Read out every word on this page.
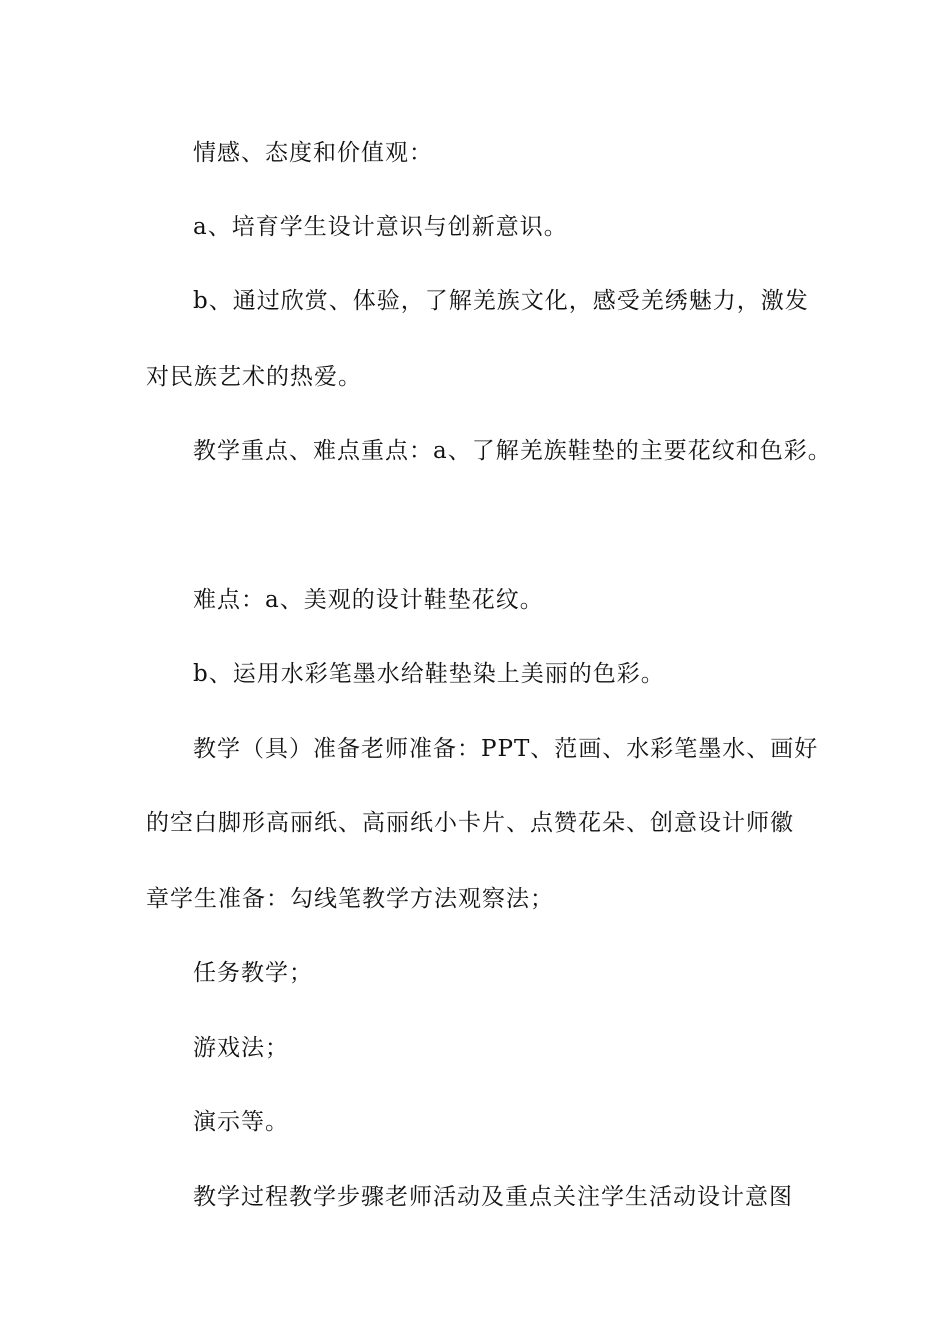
情感、态度和价值观：
a、培育学生设计意识与创新意识。
b、通过欣赏、体验，了解羌族文化，感受羌绣魅力，激发
对民族艺术的热爱。
教学重点、难点重点：a、了解羌族鞋垫的主要花纹和色彩。
难点：a、美观的设计鞋垫花纹。
b、运用水彩笔墨水给鞋垫染上美丽的色彩。
教学（具）准备老师准备：PPT、范画、水彩笔墨水、画好
的空白脚形高丽纸、高丽纸小卡片、点赞花朵、创意设计师徽
章学生准备：勾线笔教学方法观察法；
任务教学；
游戏法；
演示等。
教学过程教学步骤老师活动及重点关注学生活动设计意图
